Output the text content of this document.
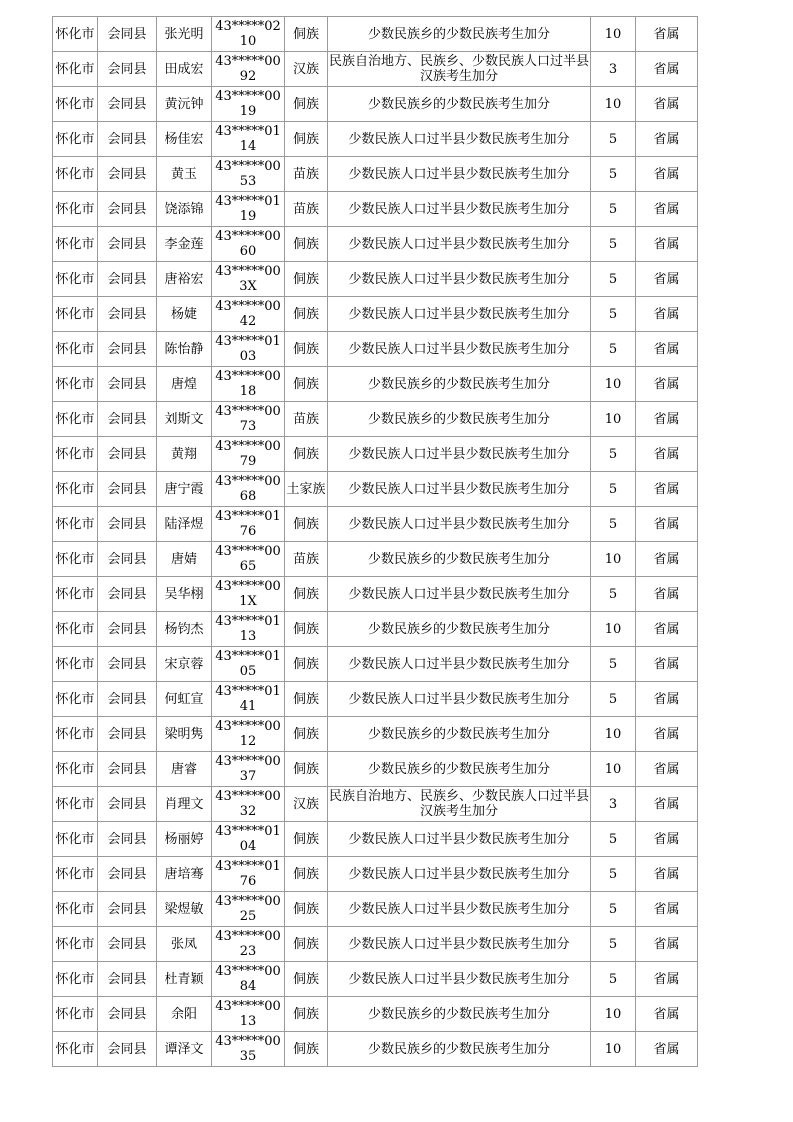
怀化市	会同县	张光明	43*****0210	侗族	少数民族乡的少数民族考生加分	10	省属
怀化市	会同县	田成宏	43*****0092	汉族	民族自治地方、民族乡、少数民族人口过半县汉族考生加分	3	省属
怀化市	会同县	黄沅钟	43*****0019	侗族	少数民族乡的少数民族考生加分	10	省属
怀化市	会同县	杨佳宏	43*****0114	侗族	少数民族人口过半县少数民族考生加分	5	省属
怀化市	会同县	黄玉	43*****0053	苗族	少数民族人口过半县少数民族考生加分	5	省属
怀化市	会同县	饶添锦	43*****0119	苗族	少数民族人口过半县少数民族考生加分	5	省属
怀化市	会同县	李金莲	43*****0060	侗族	少数民族人口过半县少数民族考生加分	5	省属
怀化市	会同县	唐裕宏	43*****003X	侗族	少数民族人口过半县少数民族考生加分	5	省属
怀化市	会同县	杨婕	43*****0042	侗族	少数民族人口过半县少数民族考生加分	5	省属
怀化市	会同县	陈怡静	43*****0103	侗族	少数民族人口过半县少数民族考生加分	5	省属
怀化市	会同县	唐煌	43*****0018	侗族	少数民族乡的少数民族考生加分	10	省属
怀化市	会同县	刘斯文	43*****0073	苗族	少数民族乡的少数民族考生加分	10	省属
怀化市	会同县	黄翔	43*****0079	侗族	少数民族人口过半县少数民族考生加分	5	省属
怀化市	会同县	唐宁霞	43*****0068	土家族	少数民族人口过半县少数民族考生加分	5	省属
怀化市	会同县	陆泽煜	43*****0176	侗族	少数民族人口过半县少数民族考生加分	5	省属
怀化市	会同县	唐婧	43*****0065	苗族	少数民族乡的少数民族考生加分	10	省属
怀化市	会同县	吴华栩	43*****001X	侗族	少数民族人口过半县少数民族考生加分	5	省属
怀化市	会同县	杨钧杰	43*****0113	侗族	少数民族乡的少数民族考生加分	10	省属
怀化市	会同县	宋京蓉	43*****0105	侗族	少数民族人口过半县少数民族考生加分	5	省属
怀化市	会同县	何虹宣	43*****0141	侗族	少数民族人口过半县少数民族考生加分	5	省属
怀化市	会同县	梁明隽	43*****0012	侗族	少数民族乡的少数民族考生加分	10	省属
怀化市	会同县	唐睿	43*****0037	侗族	少数民族乡的少数民族考生加分	10	省属
怀化市	会同县	肖理文	43*****0032	汉族	民族自治地方、民族乡、少数民族人口过半县汉族考生加分	3	省属
怀化市	会同县	杨丽婷	43*****0104	侗族	少数民族人口过半县少数民族考生加分	5	省属
怀化市	会同县	唐培骞	43*****0176	侗族	少数民族人口过半县少数民族考生加分	5	省属
怀化市	会同县	梁煜敏	43*****0025	侗族	少数民族人口过半县少数民族考生加分	5	省属
怀化市	会同县	张凤	43*****0023	侗族	少数民族人口过半县少数民族考生加分	5	省属
怀化市	会同县	杜青颖	43*****0084	侗族	少数民族人口过半县少数民族考生加分	5	省属
怀化市	会同县	余阳	43*****0013	侗族	少数民族乡的少数民族考生加分	10	省属
怀化市	会同县	谭泽文	43*****0035	侗族	少数民族乡的少数民族考生加分	10	省属
